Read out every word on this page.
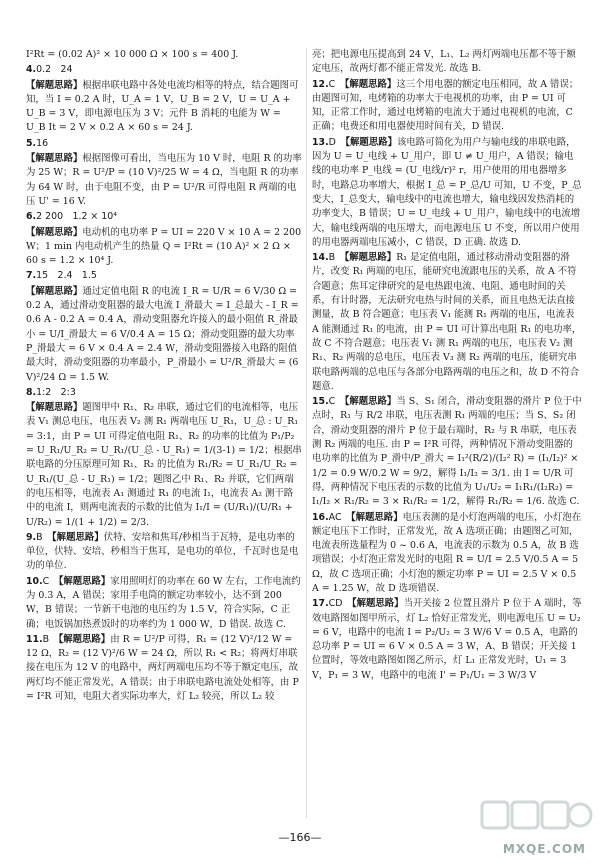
I²Rt = (0.02 A)² × 10 000 Ω × 100 s = 400 J.
4.0.2　24
【解题思路】根据串联电路中各处电流均相等的特点，结合题图可知，当 I = 0.2 A 时，U_A = 1 V，U_B = 2 V，U = U_A + U_B = 3 V，即电源电压为 3 V；元件 B 消耗的电能为 W = U_B It = 2 V × 0.2 A × 60 s = 24 J.
5.16
【解题思路】根据图像可看出，当电压为 10 V 时，电阻 R 的功率为 25 W；R = U²/P = (10 V)²/25 W = 4 Ω，当电阻 R 的功率为 64 W 时，由于电阻不变，由 P = U²/R 可得电阻 R 两端的电压 U' = 16 V.
6.2 200　1.2 × 10⁴
【解题思路】电动机的电功率 P = UI = 220 V × 10 A = 2 200 W；1 min 内电动机产生的热量 Q = I²Rt = (10 A)² × 2 Ω × 60 s = 1.2 × 10⁴ J.
7.15　2.4　1.5
【解题思路】通过定值电阻 R 的电流 I_R = U/R = 6 V/30 Ω = 0.2 A，通过滑动变阻器的最大电流 I_滑最大 = I_总最大 - I_R = 0.6 A - 0.2 A = 0.4 A，滑动变阻器允许接入的最小阻值 R_滑最小 = U/I_滑最大 = 6 V/0.4 A = 15 Ω；滑动变阻器的最大功率 P_滑最大 = 6 V × 0.4 A = 2.4 W，滑动变阻器接入电路的阻值最大时，滑动变阻器的功率最小，P_滑最小 = U²/R_滑最大 = (6 V)²/24 Ω = 1.5 W.
8.1:2　2:3
【解题思路】题图甲中 R₁、R₂ 串联，通过它们的电流相等，电压表 V₁ 测总电压，电压表 V₂ 测 R₁ 两端电压 U_R₁，U_总 : U_R₁ = 3:1，由 P = UI 可得定值电阻 R₁、R₂ 的功率的比值为 P₁/P₂ = U_R₁/U_R₂ = U_R₁/(U_总 - U_R₁) = 1/(3-1) = 1/2；根据串联电路的分压原理可知 R₁、R₂ 的比值为 R₁/R₂ = U_R₁/U_R₂ = U_R₁/(U_总 - U_R₁) = 1/2；题图乙中 R₁、R₂ 并联，它们两端的电压相等，电流表 A₁ 测通过 R₁ 的电流 I₁，电流表 A₂ 测干路中的电流 I，则两电流表的示数的比值为 I₁/I = (U/R₁)/(U/R₁ + U/R₂) = 1/(1 + 1/2) = 2/3.
9.B　 【解题思路】伏特、安培和焦耳/秒相当于瓦特，是电功率的单位，伏特、安培、秒相当于焦耳，是电功的单位，千瓦时也是电功的单位.
10.C　 【解题思路】家用照明灯的功率在 60 W 左右，工作电流约为 0.3 A，A 错误；家用手电筒的额定功率较小，达不到 200 W，B 错误；一节新干电池的电压约为 1.5 V，符合实际，C 正确；电饭锅加热煮饭时的功率约为 1 000 W，D 错误. 故选 C.
11.B　 【解题思路】由 R = U²/P 可得，R₁ = (12 V)²/12 W = 12 Ω，R₂ = (12 V)²/6 W = 24 Ω，所以 R₁ < R₂；将两灯串联接在电压为 12 V 的电路中，两灯两端电压均不等于额定电压，故两灯均不能正常发光，A 错误；由于串联电路电流处处相等，由 P = I²R 可知，电阻大者实际功率大，灯 L₂ 较亮，所以 L₂ 较
亮；把电源电压提高到 24 V，L₁、L₂ 两灯两端电压都不等于额定电压，故两灯都不能正常发光. 故选 B.
12.C　 【解题思路】这三个用电器的额定电压相同，故 A 错误；由题图可知，电烤箱的功率大于电视机的功率，由 P = UI 可知，正常工作时，通过电烤箱的电流大于通过电视机的电流，C 正确；电费还和用电器使用时间有关，D 错误.
13.D　 【解题思路】该电路可简化为用户与输电线的串联电路，因为 U = U_电线 + U_用户，即 U ≠ U_用户，A 错误；输电线的电功率 P_电线 = (U_电线/r)² r，用户使用的用电器增多时，电路总功率增大，根据 I_总 = P_总/U 可知，U 不变，P_总变大，I_总变大，输电线中的电流也增大，输电线因发热消耗的功率变大，B 错误；U = U_电线 + U_用户，输电线中的电流增大，输电线两端的电压增大，而电源电压 U 不变，所以用户使用的用电器两端电压减小，C 错误，D 正确. 故选 D.
14.B　 【解题思路】R₁ 是定值电阻，通过移动滑动变阻器的滑片，改变 R₁ 两端的电压，能研究电流跟电压的关系，故 A 不符合题意；焦耳定律研究的是电热跟电流、电阻、通电时间的关系，有计时器，无法研究电热与时间的关系，而且电热无法直接测量，故 B 符合题意；电压表 V₁ 能测 R₁ 两端的电压，电流表 A 能测通过 R₁ 的电流，由 P = UI 可计算出电阻 R₁ 的电功率，故 C 不符合题意；电压表 V₁ 测 R₁ 两端的电压，电压表 V₂ 测 R₁、R₂ 两端的总电压，电压表 V₃ 测 R₂ 两端的电压，能研究串联电路两端的总电压与各部分电路两端的电压之和，故 D 不符合题意.
15.C　 【解题思路】当 S、S₁ 闭合，滑动变阻器的滑片 P 位于中点时，R₁ 与 R/2 串联，电压表测 R₁ 两端的电压；当 S、S₂ 闭合，滑动变阻器的滑片 P 位于最右端时，R₂ 与 R 串联，电压表测 R₂ 两端的电压. 由 P = I²R 可得，两种情况下滑动变阻器的电功率的比值为 P_滑中/P_滑大 = I₁²(R/2)/(I₂² R) = (I₁/I₂)² × 1/2 = 0.9 W/0.2 W = 9/2，解得 I₁/I₂ = 3/1. 由 I = U/R 可得，两种情况下电压表的示数的比值为 U₁/U₂ = I₁R₁/(I₂R₂) = I₁/I₂ × R₁/R₂ = 3 × R₁/R₂ = 1/2，解得 R₁/R₂ = 1/6. 故选 C.
16.AC　 【解题思路】电压表测的是小灯泡两端的电压，小灯泡在额定电压下工作时，正常发光，故 A 选项正确；由题图乙可知，电流表所选量程为 0 ~ 0.6 A，电流表的示数为 0.5 A，故 B 选项错误；小灯泡正常发光时的电阻 R = U/I = 2.5 V/0.5 A = 5 Ω，故 C 选项正确；小灯泡的额定功率 P = UI = 2.5 V × 0.5 A = 1.25 W，故 D 选项错误.
17.CD　 【解题思路】当开关接 2 位置且滑片 P 位于 A 端时，等效电路图如图甲所示，灯 L₂ 恰好正常发光，则电源电压 U = U₂ = 6 V，电路中的电流 I = P₂/U₂ = 3 W/6 V = 0.5 A，电路的总功率 P = UI = 6 V × 0.5 A = 3 W，A、B 错误；开关接 1 位置时，等效电路图如图乙所示，灯 L₁ 正常发光时，U₁ = 3 V，P₁ = 3 W，电路中的电流 I' = P₁/U₁ = 3 W/3 V
—166—
MXQE.COM
